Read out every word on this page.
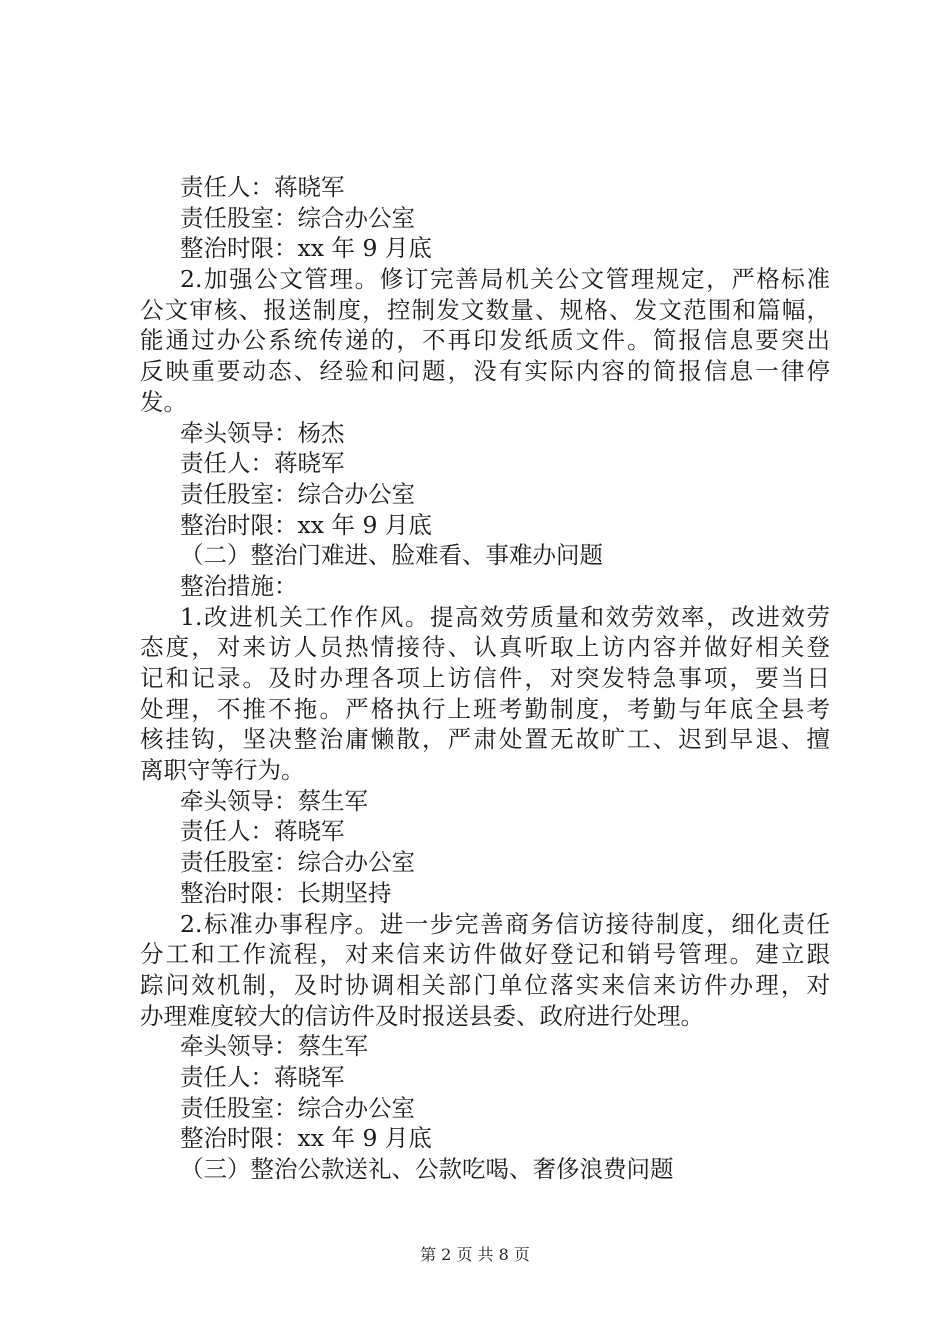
责任人：蒋晓军
责任股室：综合办公室
整治时限：xx 年 9 月底
2.加强公文管理。修订完善局机关公文管理规定，严格标准
公文审核、报送制度，控制发文数量、规格、发文范围和篇幅，
能通过办公系统传递的，不再印发纸质文件。简报信息要突出
反映重要动态、经验和问题，没有实际内容的简报信息一律停
发。
牵头领导：杨杰
责任人：蒋晓军
责任股室：综合办公室
整治时限：xx 年 9 月底
（二）整治门难进、脸难看、事难办问题
整治措施：
1.改进机关工作作风。提高效劳质量和效劳效率，改进效劳
态度，对来访人员热情接待、认真听取上访内容并做好相关登
记和记录。及时办理各项上访信件，对突发特急事项，要当日
处理，不推不拖。严格执行上班考勤制度，考勤与年底全县考
核挂钩，坚决整治庸懒散，严肃处置无故旷工、迟到早退、擅
离职守等行为。
牵头领导：蔡生军
责任人：蒋晓军
责任股室：综合办公室
整治时限：长期坚持
2.标准办事程序。进一步完善商务信访接待制度，细化责任
分工和工作流程，对来信来访件做好登记和销号管理。建立跟
踪问效机制，及时协调相关部门单位落实来信来访件办理，对
办理难度较大的信访件及时报送县委、政府进行处理。
牵头领导：蔡生军
责任人：蒋晓军
责任股室：综合办公室
整治时限：xx 年 9 月底
（三）整治公款送礼、公款吃喝、奢侈浪费问题
第 2 页 共 8 页
